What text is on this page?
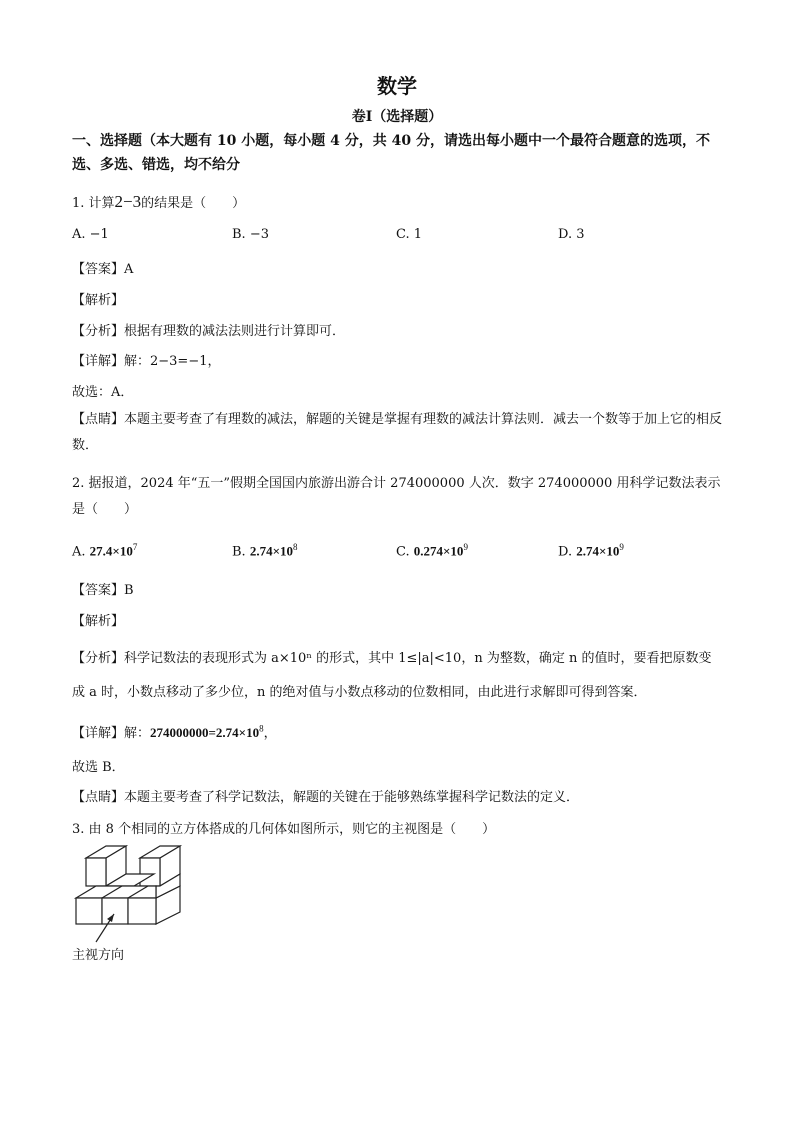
数学
卷Ⅰ（选择题）
一、选择题（本大题有 10 小题，每小题 4 分，共 40 分，请选出每小题中一个最符合题意的选项，不选、多选、错选，均不给分
1. 计算2−3的结果是（　　）
A. −1	B. −3	C. 1	D. 3
【答案】A
【解析】
【分析】根据有理数的减法法则进行计算即可．
【详解】解：2−3=−1，
故选：A．
【点睛】本题主要考查了有理数的减法，解题的关键是掌握有理数的减法计算法则．减去一个数等于加上它的相反数．
2. 据报道，2024 年“五一”假期全国国内旅游出游合计 274000000 人次．数字 274000000 用科学记数法表示是（　　）
A. $27.4\times 10^7$	B. $2.74\times 10^8$	C. $0.274\times 10^9$	D. $2.74\times 10^9$
【答案】B
【解析】
【分析】科学记数法的表现形式为 a×10ⁿ 的形式，其中 1≤|a|<10，n 为整数，确定 n 的值时，要看把原数变成 a 时，小数点移动了多少位，n 的绝对值与小数点移动的位数相同，由此进行求解即可得到答案．
【详解】解：$274000000=2.74\times 10^8$，
故选 B．
【点睛】本题主要考查了科学记数法，解题的关键在于能够熟练掌握科学记数法的定义．
3. 由 8 个相同的立方体搭成的几何体如图所示，则它的主视图是（　　）
主视方向
